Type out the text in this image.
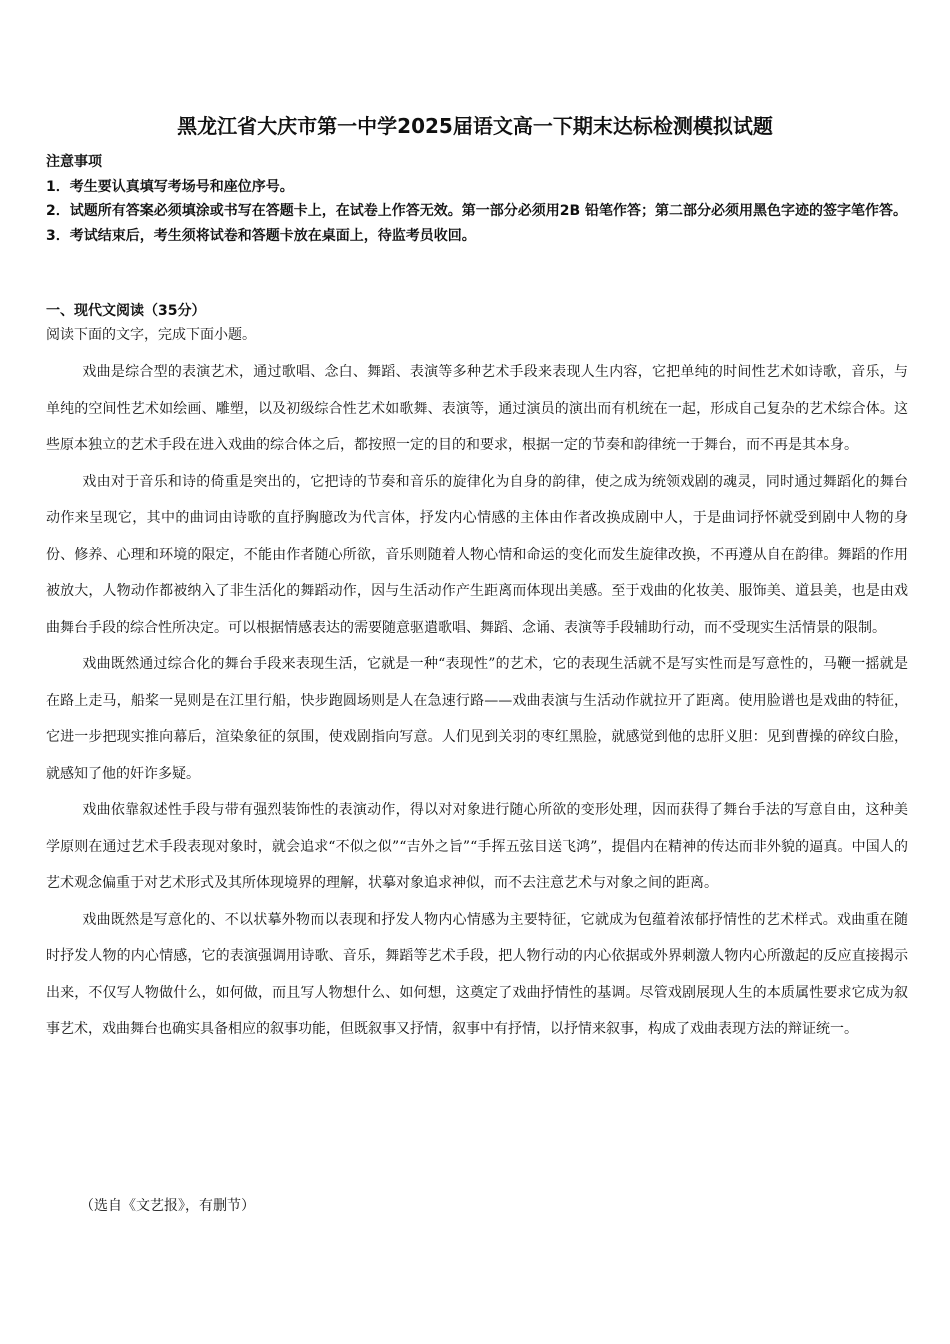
黑龙江省大庆市第一中学2025届语文高一下期末达标检测模拟试题

注意事项

1．考生要认真填写考场号和座位序号。

2．试题所有答案必须填涂或书写在答题卡上，在试卷上作答无效。第一部分必须用2B 铅笔作答；第二部分必须用黑色字迹的签字笔作答。

3．考试结束后，考生须将试卷和答题卡放在桌面上，待监考员收回。

一、现代文阅读（35分）

阅读下面的文字，完成下面小题。

戏曲是综合型的表演艺术，通过歌唱、念白、舞蹈、表演等多种艺术手段来表现人生内容，它把单纯的时间性艺术如诗歌，音乐，与单纯的空间性艺术如绘画、雕塑，以及初级综合性艺术如歌舞、表演等，通过演员的演出而有机统在一起，形成自己复杂的艺术综合体。这些原本独立的艺术手段在进入戏曲的综合体之后，都按照一定的目的和要求，根据一定的节奏和韵律统一于舞台，而不再是其本身。

戏由对于音乐和诗的倚重是突出的，它把诗的节奏和音乐的旋律化为自身的韵律，使之成为统领戏剧的魂灵，同时通过舞蹈化的舞台动作来呈现它，其中的曲词由诗歌的直抒胸臆改为代言体，抒发内心情感的主体由作者改换成剧中人，于是曲词抒怀就受到剧中人物的身份、修养、心理和环境的限定，不能由作者随心所欲，音乐则随着人物心情和命运的变化而发生旋律改换，不再遵从自在韵律。舞蹈的作用被放大，人物动作都被纳入了非生活化的舞蹈动作，因与生活动作产生距离而体现出美感。至于戏曲的化妆美、服饰美、道县美，也是由戏曲舞台手段的综合性所决定。可以根据情感表达的需要随意驱遣歌唱、舞蹈、念诵、表演等手段辅助行动，而不受现实生活情景的限制。

戏曲既然通过综合化的舞台手段来表现生活，它就是一种“表现性”的艺术，它的表现生活就不是写实性而是写意性的，马鞭一摇就是在路上走马，船桨一晃则是在江里行船，快步跑圆场则是人在急速行路——戏曲表演与生活动作就拉开了距离。使用脸谱也是戏曲的特征，它进一步把现实推向幕后，渲染象征的氛围，使戏剧指向写意。人们见到关羽的枣红黑脸，就感觉到他的忠肝义胆：见到曹操的碎纹白脸，就感知了他的奸诈多疑。

戏曲依靠叙述性手段与带有强烈装饰性的表演动作，得以对对象进行随心所欲的变形处理，因而获得了舞台手法的写意自由，这种美学原则在通过艺术手段表现对象时，就会追求“不似之似”“吉外之旨”“手挥五弦目送飞鸿”，提倡内在精神的传达而非外貌的逼真。中国人的艺术观念偏重于对艺术形式及其所体现境界的理解，状摹对象追求神似，而不去注意艺术与对象之间的距离。

戏曲既然是写意化的、不以状摹外物而以表现和抒发人物内心情感为主要特征，它就成为包蕴着浓郁抒情性的艺术样式。戏曲重在随时抒发人物的内心情感，它的表演强调用诗歌、音乐，舞蹈等艺术手段，把人物行动的内心依据或外界刺激人物内心所激起的反应直接揭示出来，不仅写人物做什么，如何做，而且写人物想什么、如何想，这奠定了戏曲抒情性的基调。尽管戏剧展现人生的本质属性要求它成为叙事艺术，戏曲舞台也确实具备相应的叙事功能，但既叙事又抒情，叙事中有抒情，以抒情来叙事，构成了戏曲表现方法的辩证统一。

（选自《文艺报》，有删节）
